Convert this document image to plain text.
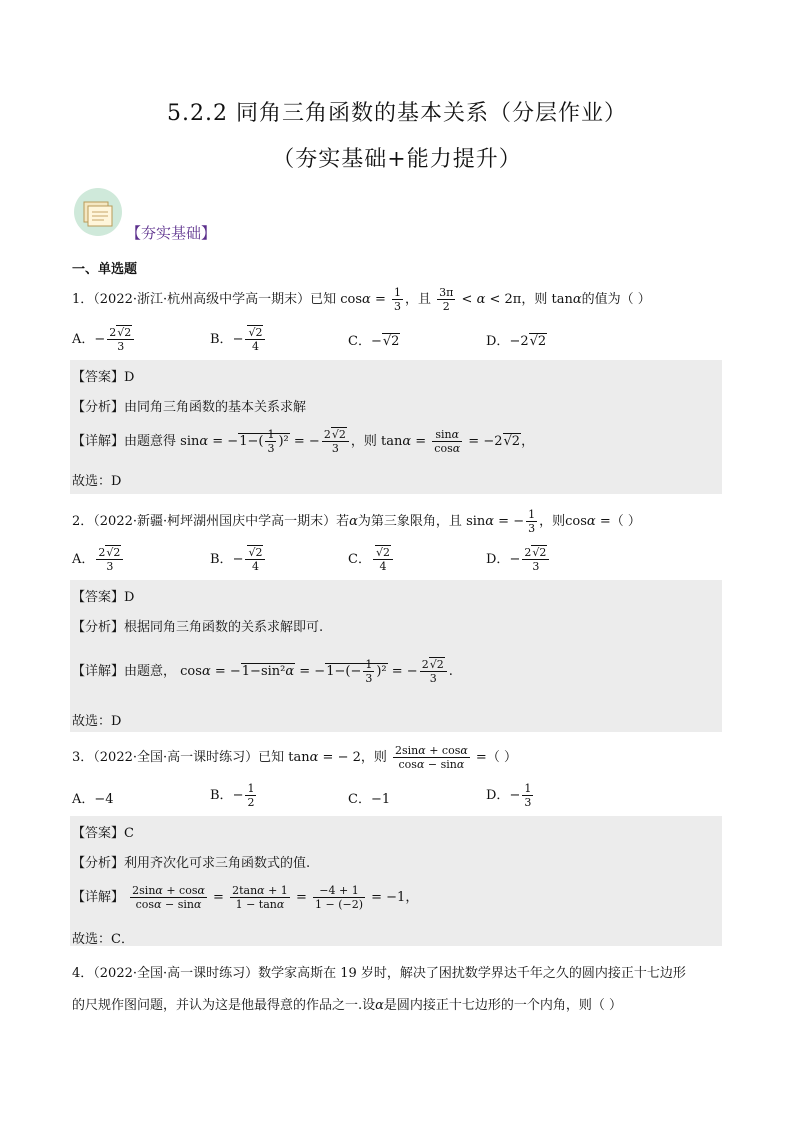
5.2.2 同角三角函数的基本关系（分层作业）
（夯实基础+能力提升）
【夯实基础】
一、单选题
1．（2022·浙江·杭州高级中学高一期末）已知 $\cos\alpha = \frac{1}{3}$ ，且 $\frac{3\pi}{2} < \alpha < 2\pi$，则 tanα的值为（ ）
A．− $\frac{2√2}{3}$	B．− $\frac{√2}{4}$	C．−√2	D．−2√2
【答案】D
【分析】由同角三角函数的基本关系求解
【详解】由题意得 $\sin\alpha = -1-( \frac{1}{3} )^2$ = − $\frac{2√2}{3}$ ，则 $\tan\alpha = \frac{\sin\alpha}{\cos\alpha} = -2√2$，
故选：D
2．（2022·新疆·柯坪湖州国庆中学高一期末）若α为第三象限角，且 sinα = − $\frac{1}{3}$ ，则cosα =（ ）
A． $\frac{2√2}{3}$	B．− $\frac{√2}{4}$	C． $\frac{√2}{4}$	D．− $\frac{2√2}{3}$
【答案】D
【分析】根据同角三角函数的关系求解即可.
【详解】由题意， $\cos\alpha = -1-\sin^2\alpha = -1-(- \frac{1}{3} )^2$ = − $\frac{2√2}{3}$ .
故选：D
3．（2022·全国·高一课时练习）已知 tanα = − 2，则 $\frac{2\sin\alpha + \cos\alpha}{\cos\alpha - \sin\alpha}$ =（ ）
A．−4	B．− $\frac{1}{2}$	C．−1	D．− $\frac{1}{3}$
【答案】C
【分析】利用齐次化可求三角函数式的值.
【详解】 $\frac{2\sin\alpha + \cos\alpha}{\cos\alpha - \sin\alpha} = \frac{2\tan\alpha + 1}{1 - \tan\alpha} = \frac{-4 + 1}{1 - (-2)} = -1$，
故选：C．
4．（2022·全国·高一课时练习）数学家高斯在 19 岁时，解决了困扰数学界达千年之久的圆内接正十七边形
的尺规作图问题，并认为这是他最得意的作品之一.设α是圆内接正十七边形的一个内角，则（ ）
